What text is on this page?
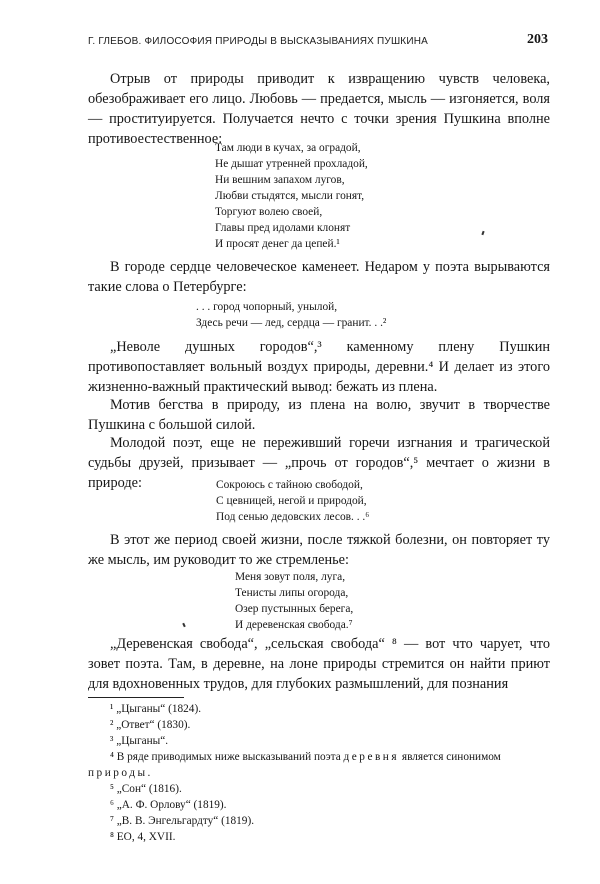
Г. ГЛЕБОВ. ФИЛОСОФИЯ ПРИРОДЫ В ВЫСКАЗЫВАНИЯХ ПУШКИНА	203

Отрыв от природы приводит к извращению чувств человека, обезображивает его лицо. Любовь — предается, мысль — изгоняется, воля — проституируется. Получается нечто с точки зрения Пушкина вполне противоестественное:

Там люди в кучах, за оградой,
Не дышат утренней прохладой,
Ни вешним запахом лугов,
Любви стыдятся, мысли гонят,
Торгуют волею своей,
Главы пред идолами клонят
И просят денег да цепей.¹

В городе сердце человеческое каменеет. Недаром у поэта вырываются такие слова о Петербурге:

. . . город чопорный, унылой,
Здесь речи — лед, сердца — гранит. . .²

„Неволе душных городов“,³ каменному плену Пушкин противопоставляет вольный воздух природы, деревни.⁴ И делает из этого жизненно-важный практический вывод: бежать из плена.

Мотив бегства в природу, из плена на волю, звучит в творчестве Пушкина с большой силой.

Молодой поэт, еще не переживший горечи изгнания и трагической судьбы друзей, призывает — „прочь от городов“,⁵ мечтает о жизни в природе:	Сокроюсь с тайною свободой,
С цевницей, негой и природой,
Под сенью дедовских лесов. . .⁶

В этот же период своей жизни, после тяжкой болезни, он повторяет ту же мысль, им руководит то же стремленье:

Меня зовут поля, луга,
Тенисты липы огорода,
Озер пустынных берега,
И деревенская свобода.⁷

„Деревенская свобода“, „сельская свобода“ ⁸ — вот что чарует, что зовет поэта. Там, в деревне, на лоне природы стремится он найти приют для вдохновенных трудов, для глубоких размышлений, для познания

¹ „Цыганы“ (1824).
² „Ответ“ (1830).
³ „Цыганы“.
⁴ В ряде приводимых ниже высказываний поэта деревня является синонимом
природы.
⁵ „Сон“ (1816).
⁶ „А. Ф. Орлову“ (1819).
⁷ „В. В. Энгельгардту“ (1819).
⁸ ЕО, 4, XVII.
